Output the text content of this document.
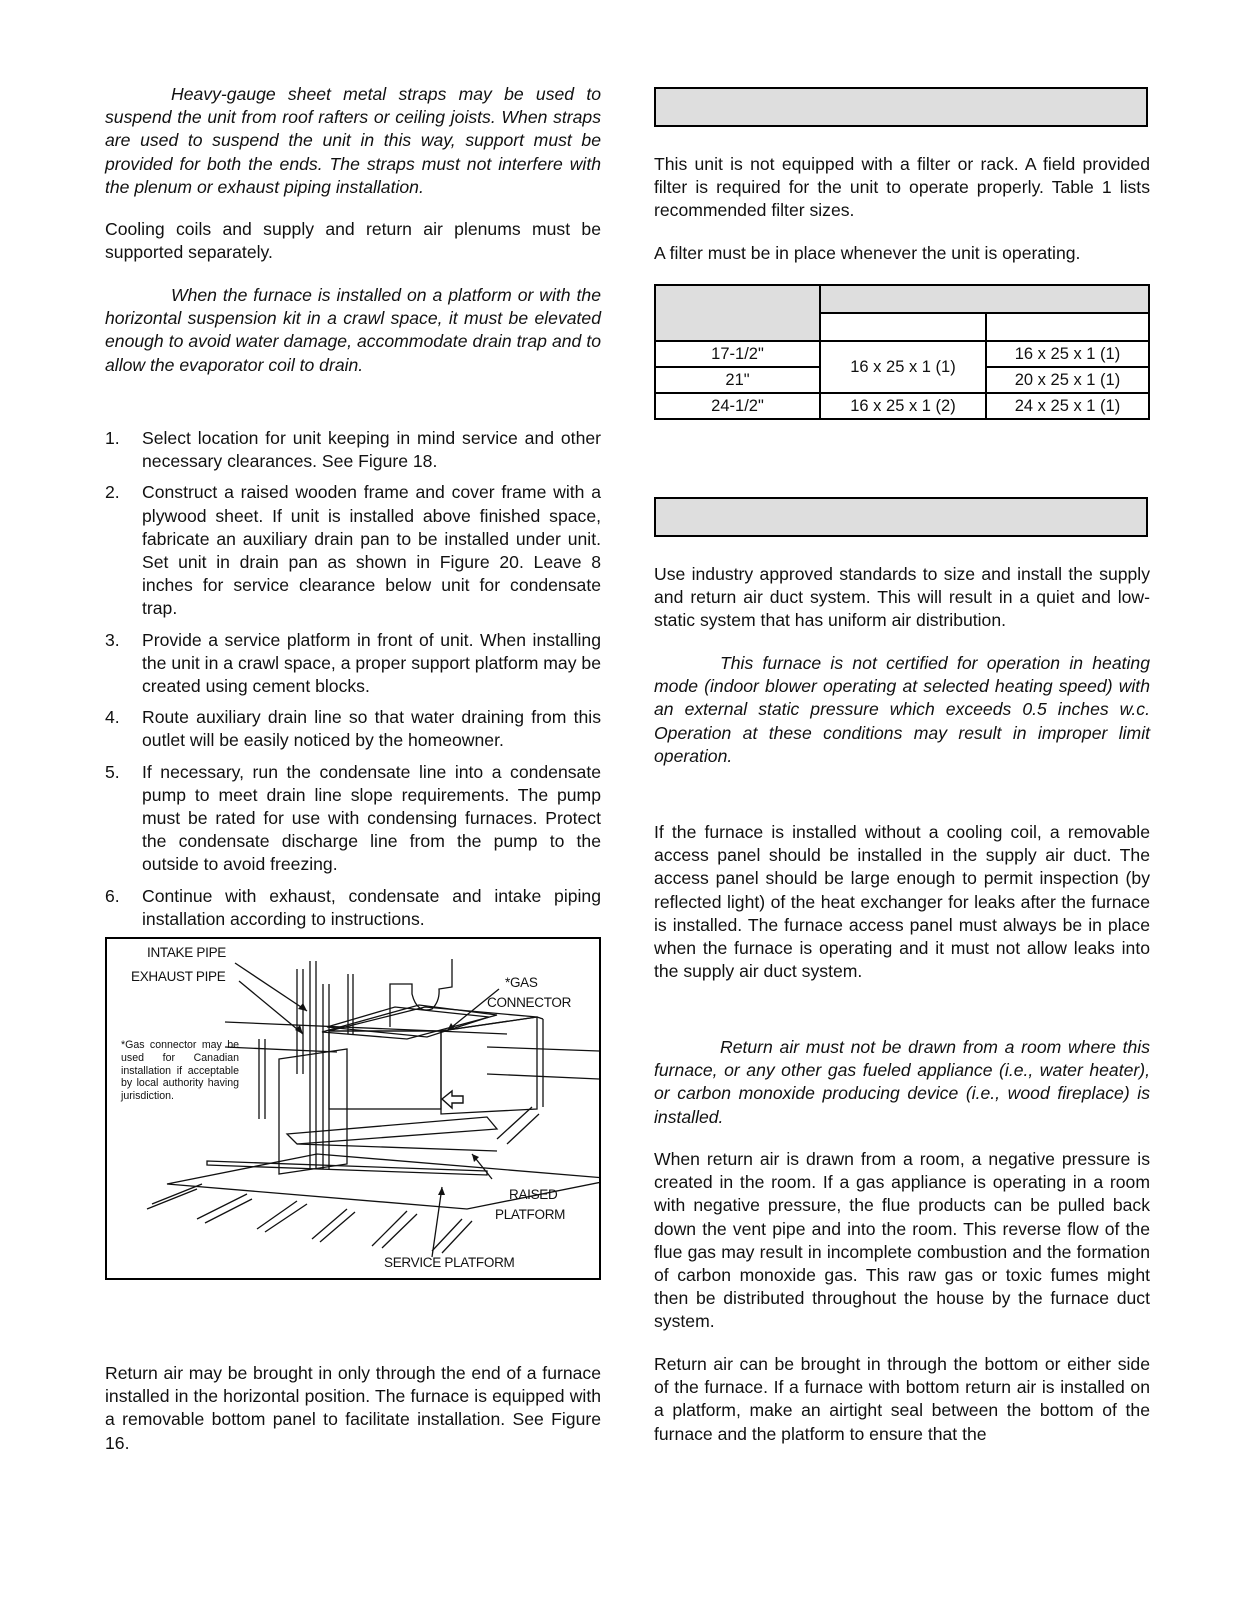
Heavy-gauge sheet metal straps may be used to suspend the unit from roof rafters or ceiling joists. When straps are used to suspend the unit in this way, support must be provided for both the ends. The straps must not interfere with the plenum or exhaust piping installation.

Cooling coils and supply and return air plenums must be supported separately.

When the furnace is installed on a platform or with the horizontal suspension kit in a crawl space, it must be elevated enough to avoid water damage, accommodate drain trap and to allow the evaporator coil to drain.

1. Select location for unit keeping in mind service and other necessary clearances. See Figure 18.
2. Construct a raised wooden frame and cover frame with a plywood sheet. If unit is installed above finished space, fabricate an auxiliary drain pan to be installed under unit. Set unit in drain pan as shown in Figure 20. Leave 8 inches for service clearance below unit for condensate trap.
3. Provide a service platform in front of unit. When installing the unit in a crawl space, a proper support platform may be created using cement blocks.
4. Route auxiliary drain line so that water draining from this outlet will be easily noticed by the homeowner.
5. If necessary, run the condensate line into a condensate pump to meet drain line slope requirements. The pump must be rated for use with condensing furnaces. Protect the condensate discharge line from the pump to the outside to avoid freezing.
6. Continue with exhaust, condensate and intake piping installation according to instructions.
INTAKE PIPE
EXHAUST PIPE	*GAS
CONNECTOR
*Gas connector may be used for Canadian installation if acceptable by local authority having jurisdiction.
RAISED
PLATFORM
SERVICE PLATFORM

Return air may be brought in only through the end of a furnace installed in the horizontal position. The furnace is equipped with a removable bottom panel to facilitate installation. See Figure 16.

This unit is not equipped with a filter or rack. A field provided filter is required for the unit to operate properly. Table 1 lists recommended filter sizes.

A filter must be in place whenever the unit is operating.

17-1/2"	16 x 25 x 1 (1)	16 x 25 x 1 (1)
21"		20 x 25 x 1 (1)
24-1/2"	16 x 25 x 1 (2)	24 x 25 x 1 (1)

Use industry approved standards to size and install the supply and return air duct system. This will result in a quiet and low-static system that has uniform air distribution.

This furnace is not certified for operation in heating mode (indoor blower operating at selected heating speed) with an external static pressure which exceeds 0.5 inches w.c. Operation at these conditions may result in improper limit operation.

If the furnace is installed without a cooling coil, a removable access panel should be installed in the supply air duct. The access panel should be large enough to permit inspection (by reflected light) of the heat exchanger for leaks after the furnace is installed. The furnace access panel must always be in place when the furnace is operating and it must not allow leaks into the supply air duct system.

Return air must not be drawn from a room where this furnace, or any other gas fueled appliance (i.e., water heater), or carbon monoxide producing device (i.e., wood fireplace) is installed.

When return air is drawn from a room, a negative pressure is created in the room. If a gas appliance is operating in a room with negative pressure, the flue products can be pulled back down the vent pipe and into the room. This reverse flow of the flue gas may result in incomplete combustion and the formation of carbon monoxide gas. This raw gas or toxic fumes might then be distributed throughout the house by the furnace duct system.

Return air can be brought in through the bottom or either side of the furnace. If a furnace with bottom return air is installed on a platform, make an airtight seal between the bottom of the furnace and the platform to ensure that the
